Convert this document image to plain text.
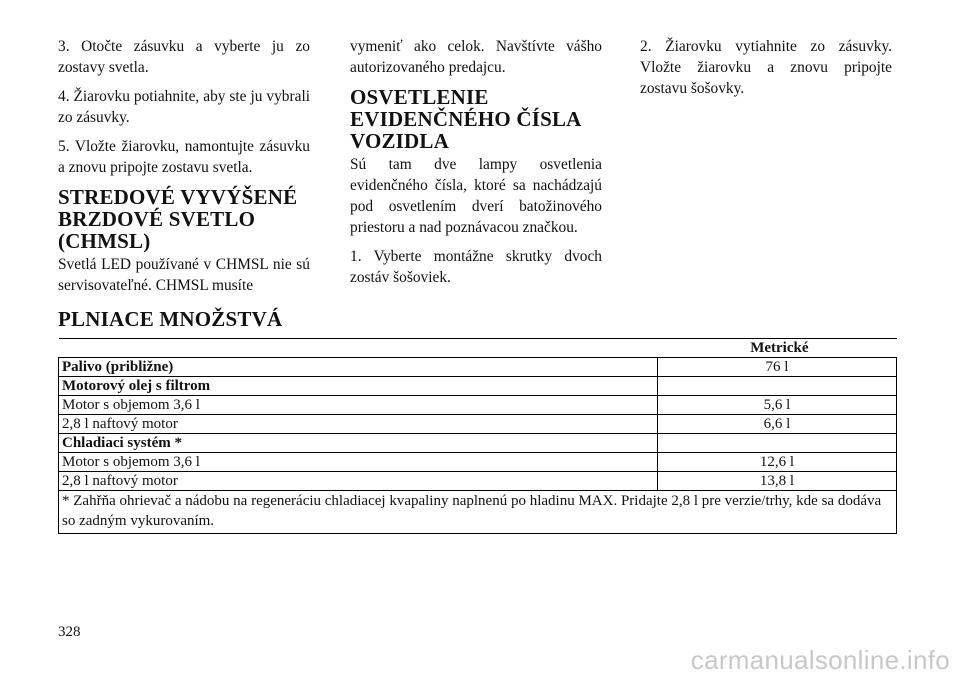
3. Otočte zásuvku a vyberte ju zo zostavy svetla.

4. Žiarovku potiahnite, aby ste ju vybrali zo zásuvky.

5. Vložte žiarovku, namontujte zásuvku a znovu pripojte zostavu svetla.

STREDOVÉ VYVÝŠENÉ BRZDOVÉ SVETLO (CHMSL)

Svetlá LED používané v CHMSL nie sú servisovateľné. CHMSL musíte

vymeniť ako celok. Navštívte vášho autorizovaného predajcu.

OSVETLENIE EVIDENČNÉHO ČÍSLA VOZIDLA

Sú tam dve lampy osvetlenia evidenčného čísla, ktoré sa nachádzajú pod osvetlením dverí batožinového priestoru a nad poznávacou značkou.

1. Vyberte montážne skrutky dvoch zostáv šošoviek.

2. Žiarovku vytiahnite zo zásuvky. Vložte žiarovku a znovu pripojte zostavu šošovky.

PLNIACE MNOŽSTVÁ
Metrické	
Palivo (približne)	76 l
Motorový olej s filtrom	
Motor s objemom 3,6 l	5,6 l
2,8 l naftový motor	6,6 l
Chladiaci systém *	
Motor s objemom 3,6 l	12,6 l
2,8 l naftový motor	13,8 l
* Zahřňa ohrievač a nádobu na regeneráciu chladiacej kvapaliny naplnenú po hladinu MAX. Pridajte 2,8 l pre verzie/trhy, kde sa dodáva so zadným vykurovaním.	
328
carmanualsonline.info
